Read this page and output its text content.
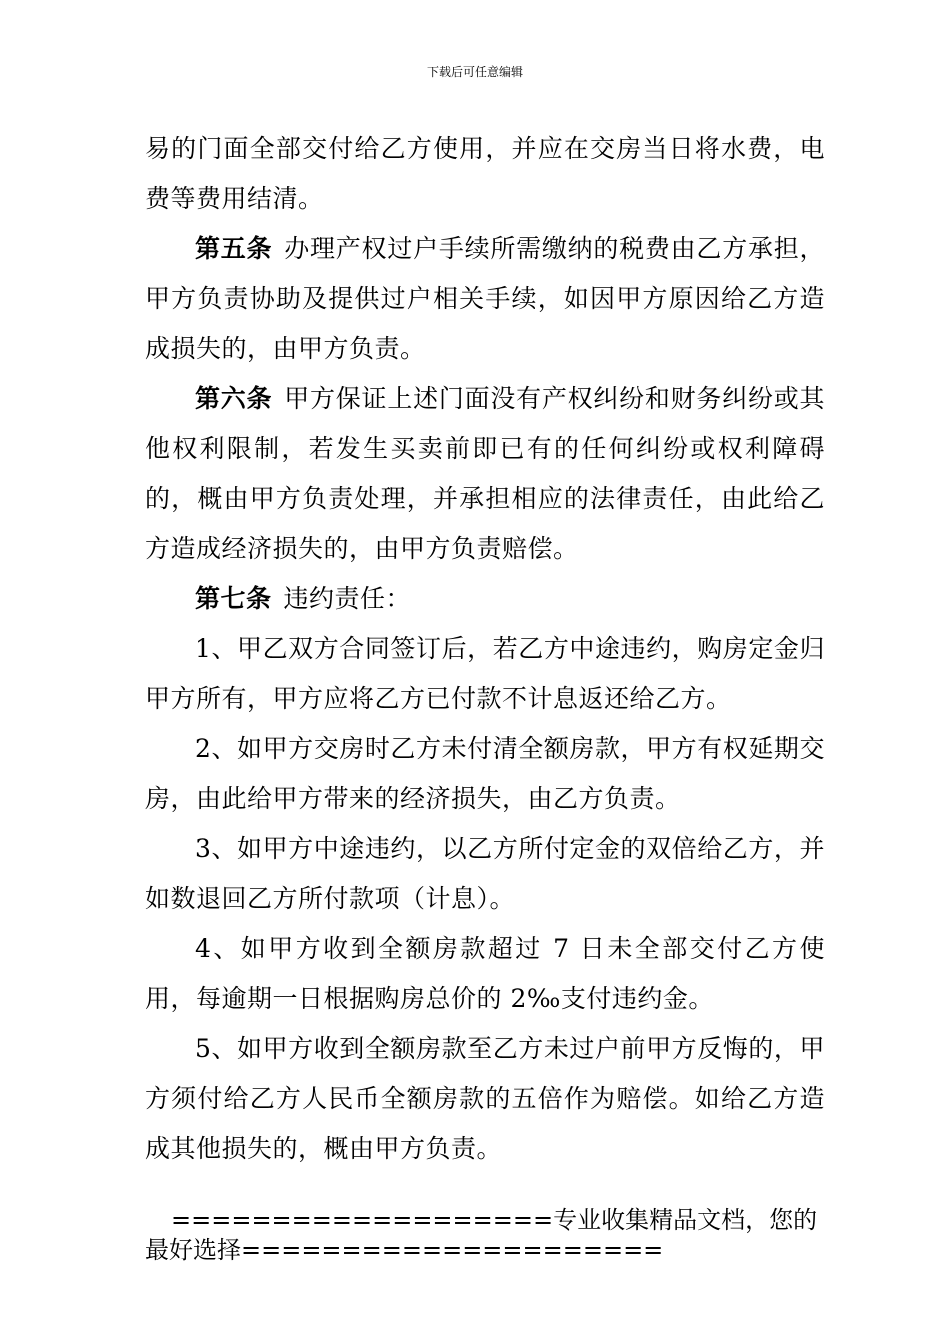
下载后可任意编辑

易的门面全部交付给乙方使用，并应在交房当日将水费，电费等费用结清。

第五条 办理产权过户手续所需缴纳的税费由乙方承担，甲方负责协助及提供过户相关手续，如因甲方原因给乙方造成损失的，由甲方负责。

第六条 甲方保证上述门面没有产权纠纷和财务纠纷或其他权利限制，若发生买卖前即已有的任何纠纷或权利障碍的，概由甲方负责处理，并承担相应的法律责任，由此给乙方造成经济损失的，由甲方负责赔偿。

第七条 违约责任：

1、甲乙双方合同签订后，若乙方中途违约，购房定金归甲方所有，甲方应将乙方已付款不计息返还给乙方。

2、如甲方交房时乙方未付清全额房款，甲方有权延期交房，由此给甲方带来的经济损失，由乙方负责。

3、如甲方中途违约，以乙方所付定金的双倍给乙方，并如数退回乙方所付款项（计息）。

4、如甲方收到全额房款超过 7 日未全部交付乙方使用，每逾期一日根据购房总价的 2‰支付违约金。

5、如甲方收到全额房款至乙方未过户前甲方反悔的，甲方须付给乙方人民币全额房款的五倍作为赔偿。如给乙方造成其他损失的，概由甲方负责。

===================专业收集精品文档，您的最好选择=====================
